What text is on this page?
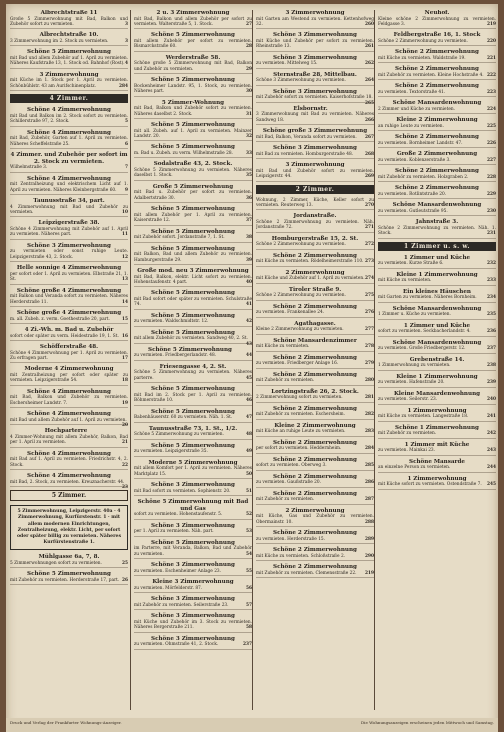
Albrechtstraße 11
Große 5 Zimmerwohnung mit Bad, Balkon und Zubehör sofort zu vermieten.	3
Albrechtstraße 10.
3 Zimmerwohnung im 2. Stock zu vermieten.	3
Schöne 5 Zimmerwohnung
mit Bad und allem Zubehör auf 1. April zu vermieten. Näheres Kaufstraße 13, 1. Stock od. Bahnhof (Rost). 4
3 Zimmerwohnung
mit Küche im 1. Stock per 1. April zu vermieten. Schönbühlstr. 43 am Aurifschinenplatz.	284
4 Zimmer.
Schöne 4 Zimmerwohnung
mit Bad und Balkon im 2. Stock sofort zu vermieten. Schillerstraße 97, 2. Stock.	5
Schöne 4 Zimmerwohnung
mit Bad, Zubehör, Garten auf 1. April zu vermieten. Näheres Scheffelstraße 25.	6
4 Zimmer. und Zubehör per sofort im 2. Stock zu vermieten.
Wilhelmstraße 3.	7
Schöne 4 Zimmerwohnung
mit Zentralheizung und elektrischem Licht auf 1. April zu vermieten. Näheres Kleinbergstraße 60. 9
Taunusstraße 34, part.
4 Zimmerwohnung mit Bad und Zubehör zu vermieten.	10
Leipzigerstraße 38.
Schöne 4 Zimmerwohnung mit Zubehör auf 1. April zu vermieten. Näheres part.	11
Schöne 3 Zimmerwohnung
zu vermieten oder sonst ruhige Leute. Leipzigerstraße 43, 2. Stock.	12
Helle sonnige 4 Zimmerwohnung
per sofort oder 1. April zu vermieten. Elbstraße 21, 1. St.	13
Schöne große 4 Zimmerwohnung
mit Balkon und Veranda sofort zu vermieten. Näheres Herderstraße 11.	14
Schöne große 4 Zimmerwohnung
m. all. Zubeh. z. verm. Goethestraße 20, part.	15
4 Zi.-Wh. m. Bad u. Zubehör
sofort oder später zu verm. Heidestraße 19, 1. St. 16
Schöfferstraße 48.
Schöne 4 Zimmerwohnung per 1. April zu vermieten. Zu erfragen part.	17
Moderne 4 Zimmerwohnung
mit Zentralheizung per sofort oder später zu vermieten. Leipzigerstraße 54.	18
Schöne 4 Zimmerwohnung
mit Bad, Balkon und Zubehör zu vermieten. Eschersheimer Landstr. 7.	19
Schöne 4 Zimmerwohnung
mit Bad und allem Zubehör auf 1. April zu vermieten.
20
Hochparterre
4 Zimmer-Wohnung mit allem Zubehör, Balkon, Bad per 1. April zu vermieten.	21
Schöne 4 Zimmerwohnung
mit Bad auf 1. April zu vermieten. Friedrichstr. 4, 2. Stock.	22
Schöne 4 Zimmerwohnung
mit Bad, 2. Stock, zu vermieten. Kreuznacherstr. 44.
23
5 Zimmer.
5 Zimmerwohnung, Leipzigerstr. 40a · 4 Zimmerwohnung, Kurfürstenstr. 1 · mit allem modernen Einrichtungen, Zentralheizung, elektr. Licht, per sofort oder später billig zu vermieten. Näheres Kurfürstenstraße 1.
Mühlgasse 6a, 7, 8.
5 Zimmerwohnungen sofort zu vermieten.	25
Schöne 5 Zimmerwohnung
mit Zubehör zu vermieten. Herderstraße 17, part. 26
2 u. 3 Zimmerwohnung
mit Bad, Balkon und allem Zubehör per sofort zu vermieten. Walterstraße 5, 1. Stock.	27
Schöne 5 Zimmerwohnung
mit allem Zubehör per sofort zu vermieten. Bismarckstraße 60.	28
Werderstraße 58.
Schöne große 5 Zimmerwohnung mit Bad, Balkon und Zubehör zu vermieten.	29
Schöne 5 Zimmerwohnung
Bockenheimer Landstr. 95, 1. Stock, zu vermieten. Näheres part.	30
5 Zimmer-Wohnung
mit Bad, Balkon und Zubehör sofort zu vermieten. Näheres daselbst 2. Stock.	31
Schöne 5 Zimmerwohnung
mit all. Zubeh. auf 1. April zu vermieten. Mainzer Landstr. 20.	32
Schöne 5 Zimmerwohnung
m. Bad u. Zubeh. zu verm. Wilhelmstraße 28.	33
Sodalstraße 43, 2. Stock.
Schöne 5 Zimmerwohnung zu vermieten. Näheres daselbst 1. Stock.	35
Große 5 Zimmerwohnung
mit Bad u. Zubehör per sofort zu vermieten. Adalbertstraße 30.	36
Schöne 5 Zimmerwohnung
mit allem Zubehör per 1. April zu vermieten. Kaiserstraße 12.	37
Schöne 5 Zimmerwohnung
mit Zubehör sofort. Jordanstraße 7, 1. St.	38
Schöne 5 Zimmerwohnung
mit Balkon, Bad und allem Zubehör zu vermieten. Hamburgerstraße 29.	39
Große mod. neu 3 Zimmerwohnung
mit Bad, Balkon, elektr. Licht sofort zu vermieten. Hohenstaufenstr. 4 part.	40
Schöne 5 Zimmerwohnung
mit Bad sofort oder später zu vermieten. Schulstraße 74.	41
Schöne 5 Zimmerwohnung
zu vermieten. Waldschmidtstr. 12.	42
Schöne 5 Zimmerwohnung
mit allem Zubehör zu vermieten. Sandweg 40, 2. St.
43
Schöne 5 Zimmerwohnung
zu vermieten. Friedbergerlandstr. 48.	44
Friesengasse 4, 2. St.
Schöne 5 Zimmerwohnung zu vermieten. Näheres parterre.	45
Schöne 5 Zimmerwohnung
mit Bad im 2. Stock per 1. April zu vermieten. Böhmerstraße 10.	46
Schöne 5 Zimmerwohnung
Babenhäuserstr. 60 zu vermieten. Näh. 1. St.	47
Taunusstraße 73, 1. St., 1/2.
Schöne 5 Zimmerwohnung zu vermieten.	48
Schöne 5 Zimmerwohnung
zu vermieten. Leipzigerstraße 35.	49
Moderne 5 Zimmerwohnung
mit allem Komfort per 1. April zu vermieten. Näheres Marktplatz 15.	50
Schöne 3 Zimmerwohnung
mit Bad sofort zu vermieten. Sophienstr. 20.	51
Schöne 5 Zimmerwohnung mit Bad und Gas
sofort zu vermieten. Hohenstaufenstr. 5.	52
Schöne 3 Zimmerwohnung
per 1. April zu vermieten. Näh. part.	53
Schöne 5 Zimmerwohnung
im Parterre, mit Veranda, Balkon, Bad und Zubehör zu vermieten.	54
Schöne 3 Zimmerwohnung
zu vermieten. Eschenheimer Anlage 23.	55
Kleine 3 Zimmerwohnung
zu vermieten. Mörfelderstr. 87.	56
Schöne 3 Zimmerwohnung
mit Zubehör zu vermieten. Seilerstraße 23.	57
Schöne 3 Zimmerwohnung
mit Küche und Zubehör im 3. Stock zu vermieten. Näheres Bergerstraße 211.	58
Schöne 3 Zimmerwohnung
zu vermieten. Ohmstraße 41, 2. Stock.	237
3 Zimmerwohnung
mit Garten am Westend zu vermieten. Kettenhofweg 32.	260
Schöne 3 Zimmerwohnung
mit Küche und Zubehör per sofort zu vermieten. Rheinstraße 13.	261
Schöne 3 Zimmerwohnung
zu vermieten. Mittelweg 15.	262
Sternstraße 28, Mittelbau.
Schöne 3 Zimmerwohnung zu vermieten.	264
Schöne 3 Zimmerwohnung
mit Zubehör sofort zu vermieten. Kaiserhofstraße 18.
265
Elsbornstr.
3 Zimmerwohnung mit Bad zu vermieten. Näheres Sandweg 18.	266
Schöne große 3 Zimmerwohnung
mit Bad, Balkon, Veranda sofort zu vermieten. 267
Schöne 3 Zimmerwohnung
mit Bad zu vermieten. Homburgerstraße 48.	268
3 Zimmerwohnung
mit Bad und Zubehör sofort zu vermieten. Leipzigerstr. 44.	269
2 Zimmer.
Wohnung, 2 Zimmer, Küche, Keller sofort zu vermieten. Reuterweg 13.	270
Jordanstraße.
Schöne 2 Zimmerwohnung zu vermieten. Näh. Jordanstraße 72.	271
Homburgerstraße 15, 2. St.
Schöne 2 Zimmerwohnung zu vermieten.	272
Schöne 2 Zimmerwohnung
mit Küche zu vermieten. Rödelheimerstraße 110. 273
2 Zimmerwohnung
mit Küche und Zubehör auf 1. April zu vermieten. 274
Tiroler Straße 9.
Schöne 2 Zimmerwohnung zu vermieten.	275
Schöne 2 Zimmerwohnung
zu vermieten. Frankenallee 24.	276
Agathagasse.
Kleine 2 Zimmerwohnung zu vermieten.	277
Schöne Mansardenzimmer
mit Küche zu vermieten.	278
Schöne 2 Zimmerwohnung
zu vermieten. Friedberger Anlage 16.	279
Schöne 2 Zimmerwohnung
mit Zubehör zu vermieten.	280
Lortzingstraße 26, 2. Stock.
2 Zimmerwohnung sofort zu vermieten.	281
Schöne 2 Zimmerwohnung
mit Zubehör zu vermieten. Eschersheim.	282
Kleine 2 Zimmerwohnung
mit Küche an ruhige Leute zu vermieten.	283
Schöne 2 Zimmerwohnung
per sofort zu vermieten. Heddernheim.	284
Schöne 2 Zimmerwohnung
sofort zu vermieten. Oberweg 3.	285
Schöne 2 Zimmerwohnung
zu vermieten. Gaußstraße 20.	286
Schöne 2 Zimmerwohnung
mit Zubehör zu vermieten.	287
2 Zimmerwohnung
mit Küche, Gas und Zubehör zu vermieten. Obermainstr. 10.	288
Schöne 2 Zimmerwohnung
zu vermieten. Herderstraße 15.	289
Schöne 2 Zimmerwohnung
mit Küche zu vermieten. Schloßstraße 2.	290
Schöne 2 Zimmerwohnung
mit Zubehör zu vermieten. Clemensstraße 22. 219
Neuhof.
Kleine schöne 2 Zimmerwohnung zu vermieten. Feldgasse 3.	219
Feldbergstraße 16, 1. Stock
Schöne 2 Zimmerwohnung zu vermieten.	220
Schöne 2 Zimmerwohnung
mit Küche zu vermieten. Waldstraße 19.	221
Schöne 2 Zimmerwohnung
mit Zubehör zu vermieten. Kleine Hochstraße 4. 222
Schöne 2 Zimmerwohnung
zu vermieten. Textorstraße 41.	223
Schöne Mansardenwohnung
2 Zimmer und Küche zu vermieten.	224
Kleine 2 Zimmerwohnung
an ruhige Leute zu vermieten.	225
Schöne 2 Zimmerwohnung
zu vermieten. Bornheimer Landstr. 47.	226
Große 2 Zimmerwohnung
zu vermieten. Koblenzerstraße 3.	227
Schöne 2 Zimmerwohnung
mit Zubehör zu vermieten. Holzgraben 2.	228
Schöne 2 Zimmerwohnung
zu vermieten. Rotlintstraße 20.	229
Schöne Mansardenwohnung
zu vermieten. Gutleutstraße 95.	230
Jahnstraße 3.
Schöne 2 Zimmerwohnung zu vermieten. Näh. 1. Stock.	231
1 Zimmer u. s. w.
1 Zimmer und Küche
zu vermieten. Kurze Straße 6.	232
Kleine 1 Zimmerwohnung
mit Küche zu vermieten.	233
Ein kleines Häuschen
mit Garten zu vermieten. Näheres Bornheim. 234
Schöne Mansardenwohnung
1 Zimmer u. Küche zu vermieten.	235
1 Zimmer und Küche
sofort zu vermieten. Seckbacherlandstr. 4.	236
Schöne Mansardenwohnung
zu vermieten. Große Friedbergerstr. 12.	237
Grebenstraße 14.
1 Zimmerwohnung zu vermieten.	238
Kleine 1 Zimmerwohnung
zu vermieten. Hafenstraße 20.	239
Kleine Mansardenwohnung
zu vermieten. Seilerstr. 23.	240
1 Zimmerwohnung
mit Küche zu vermieten. Langestraße 18.	241
Schöne 1 Zimmerwohnung
mit Zubehör zu vermieten.	242
1 Zimmer mit Küche
zu vermieten. Mainkai 23.	243
Schöne Mansarde
an einzelne Person zu vermieten.	244
1 Zimmerwohnung
mit Küche sofort zu vermieten. Ostendstraße 7. 245
Druck und Verlag der Frankfurter Wohnungs-Anzeiger.	Die Wohnungsanzeigen erscheinen jeden Mittwoch und Samstag.
